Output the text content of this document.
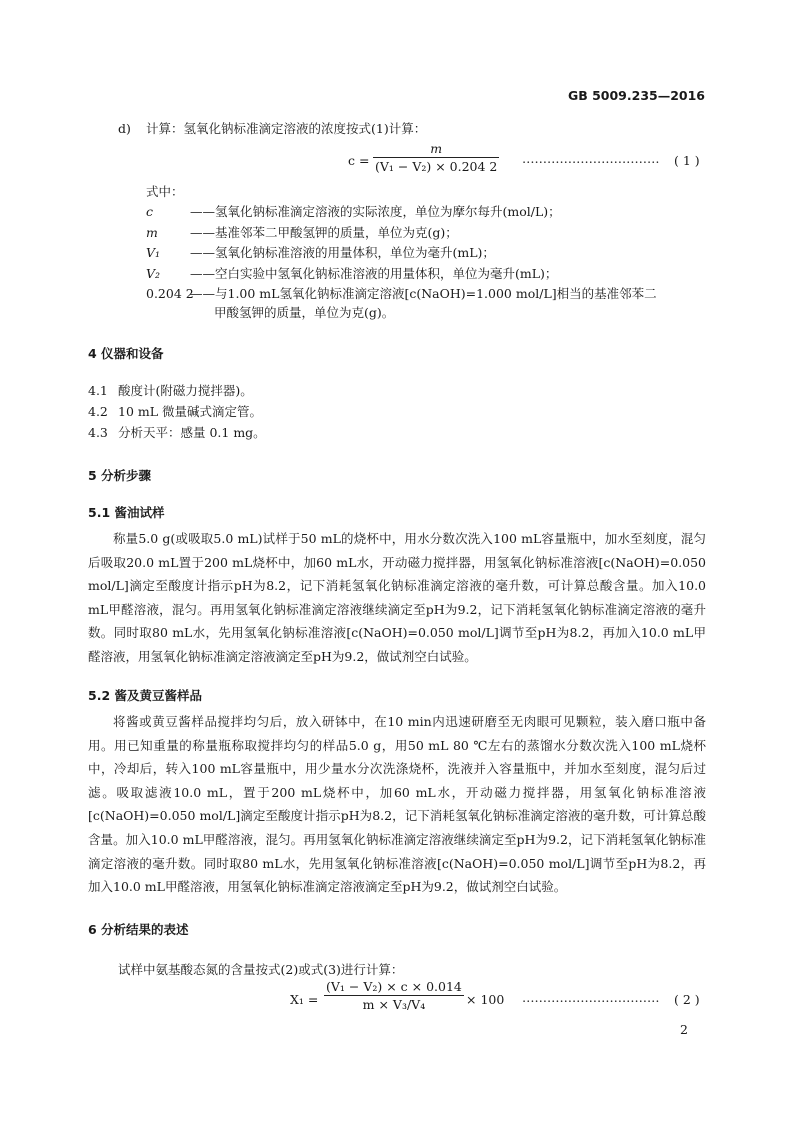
GB 5009.235—2016
d) 计算：氢氧化钠标准滴定溶液的浓度按式(1)计算：
$c = \frac{m}{\text{(V₁ − V₂) × 0.204 2}}$ …………………………… ( 1 )
式中：
c	——氢氧化钠标准滴定溶液的实际浓度，单位为摩尔每升(mol/L)；
m	——基准邻苯二甲酸氢钾的质量，单位为克(g)；
V₁ ——氢氧化钠标准溶液的用量体积，单位为毫升(mL)；
V₂ ——空白实验中氢氧化钠标准溶液的用量体积，单位为毫升(mL)；
0.204 2——与1.00 mL氢氧化钠标准滴定溶液[c(NaOH)=1.000 mol/L]相当的基准邻苯二
甲酸氢钾的质量，单位为克(g)。
4 仪器和设备
4.1 酸度计(附磁力搅拌器)。
4.2 10 mL 微量碱式滴定管。
4.3 分析天平：感量 0.1 mg。
5 分析步骤
5.1 酱油试样
称量5.0 g(或吸取5.0 mL)试样于50 mL的烧杯中，用水分数次洗入100 mL容量瓶中，加水至刻度，混匀后吸取20.0 mL置于200 mL烧杯中，加60 mL水，开动磁力搅拌器，用氢氧化钠标准溶液[c(NaOH)=0.050 mol/L]滴定至酸度计指示pH为8.2，记下消耗氢氧化钠标准滴定溶液的毫升数，可计算总酸含量。加入10.0 mL甲醛溶液，混匀。再用氢氧化钠标准滴定溶液继续滴定至pH为9.2，记下消耗氢氧化钠标准滴定溶液的毫升数。同时取80 mL水，先用氢氧化钠标准溶液[c(NaOH)=0.050 mol/L]调节至pH为8.2，再加入10.0 mL甲醛溶液，用氢氧化钠标准滴定溶液滴定至pH为9.2，做试剂空白试验。
5.2 酱及黄豆酱样品
将酱或黄豆酱样品搅拌均匀后，放入研钵中，在10 min内迅速研磨至无肉眼可见颗粒，装入磨口瓶中备用。用已知重量的称量瓶称取搅拌均匀的样品5.0 g，用50 mL 80 ℃左右的蒸馏水分数次洗入100 mL烧杯中，冷却后，转入100 mL容量瓶中，用少量水分次洗涤烧杯，洗液并入容量瓶中，并加水至刻度，混匀后过滤。吸取滤液10.0 mL，置于200 mL烧杯中，加60 mL水，开动磁力搅拌器，用氢氧化钠标准溶液[c(NaOH)=0.050 mol/L]滴定至酸度计指示pH为8.2，记下消耗氢氧化钠标准滴定溶液的毫升数，可计算总酸含量。加入10.0 mL甲醛溶液，混匀。再用氢氧化钠标准滴定溶液继续滴定至pH为9.2，记下消耗氢氧化钠标准滴定溶液的毫升数。同时取80 mL水，先用氢氧化钠标准溶液[c(NaOH)=0.050 mol/L]调节至pH为8.2，再加入10.0 mL甲醛溶液，用氢氧化钠标准滴定溶液滴定至pH为9.2，做试剂空白试验。
6 分析结果的表述
试样中氨基酸态氮的含量按式(2)或式(3)进行计算：
$X_1 = \frac{\text{(V₁ − V₂) × c × 0.014}}{\text{m × V₃/V₄}} \times 100$ …………………………… ( 2 )
2
